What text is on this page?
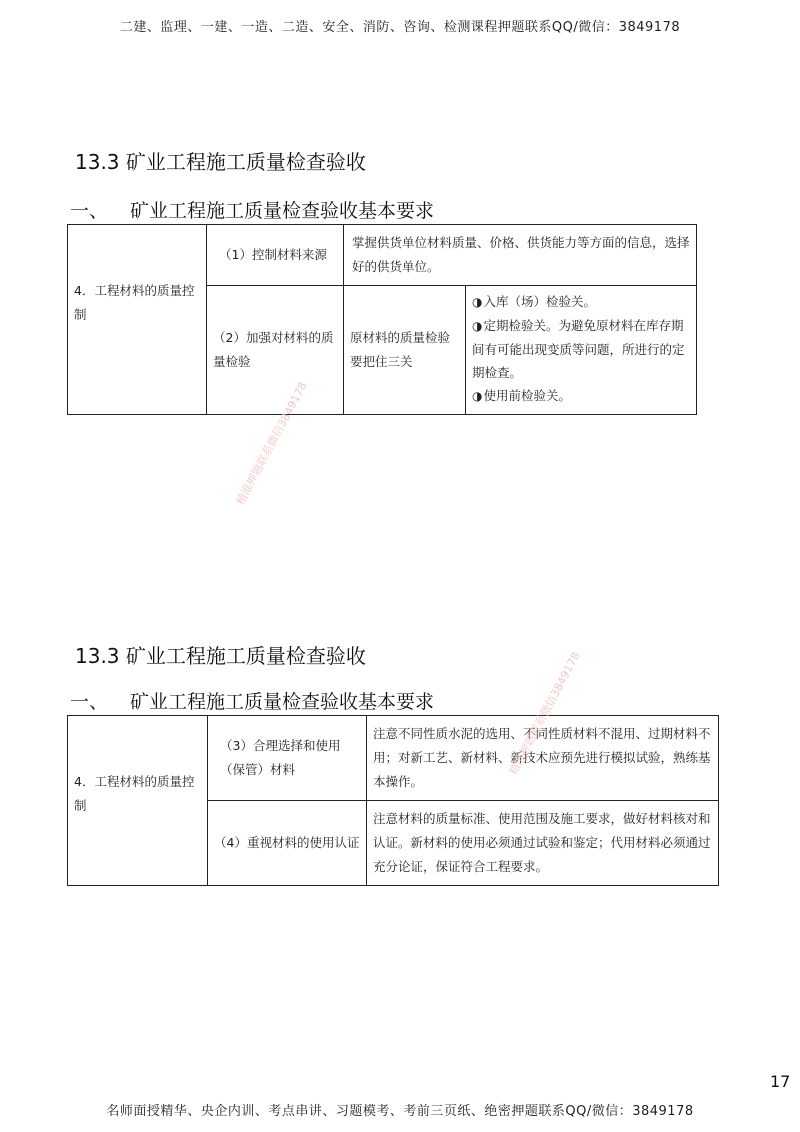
二建、监理、一建、一造、二造、安全、消防、咨询、检测课程押题联系QQ/微信：3849178
13.3 矿业工程施工质量检查验收
一、 矿业工程施工质量检查验收基本要求
4．工程材料的质量控制	（1）控制材料来源	掌握供货单位材料质量、价格、供货能力等方面的信息，选择好的供货单位。	
	（2）加强对材料的质量检验	原材料的质量检验要把住三关	◑入库（场）检验关。
◑定期检验关。为避免原材料在库存期间有可能出现变质等问题，所进行的定期检查。
◑使用前检验关。
13.3 矿业工程施工质量检查验收
一、 矿业工程施工质量检查验收基本要求
4．工程材料的质量控制	（3）合理选择和使用（保管）材料	注意不同性质水泥的选用、不同性质材料不混用、过期材料不用；对新工艺、新材料、新技术应预先进行模拟试验，熟练基本操作。
	（4）重视材料的使用认证	注意材料的质量标准、使用范围及施工要求，做好材料核对和认证。新材料的使用必须通过试验和鉴定；代用材料必须通过充分论证，保证符合工程要求。
精准押题联系微信3849178
精准押题联系微信3849178
17
名师面授精华、央企内训、考点串讲、习题模考、考前三页纸、绝密押题联系QQ/微信：3849178
